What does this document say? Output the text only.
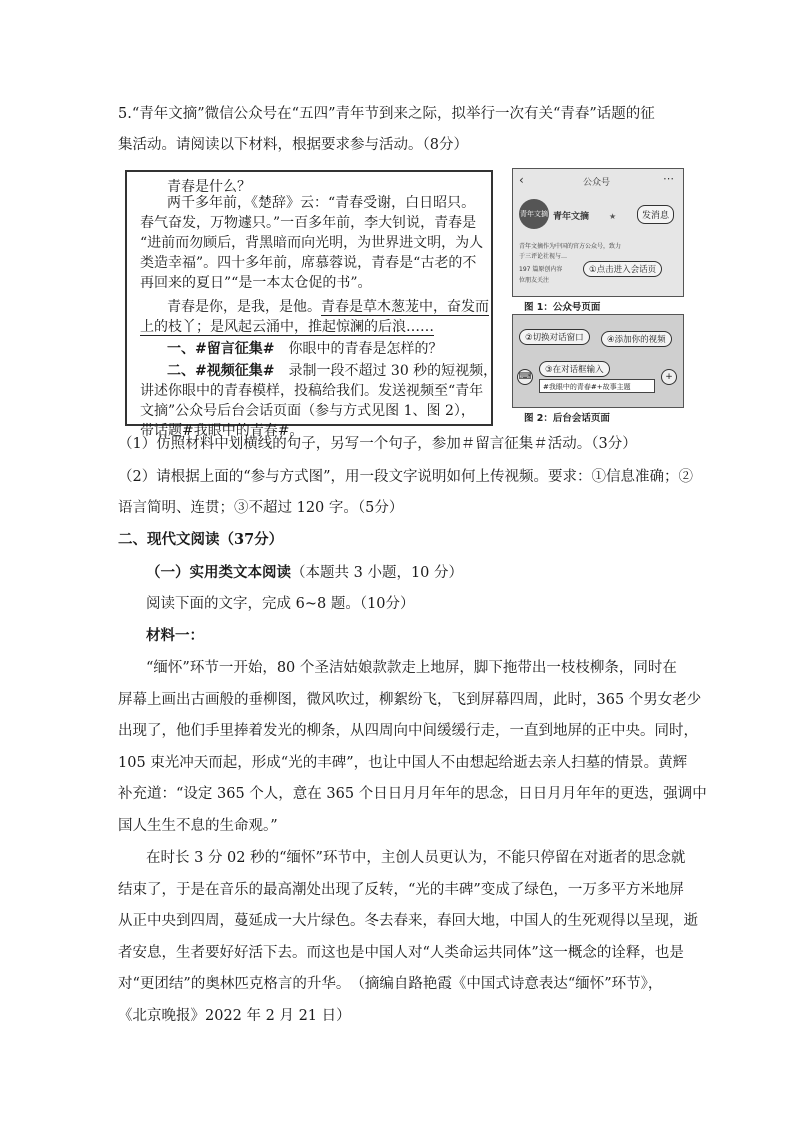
5.“青年文摘”微信公众号在“五四”青年节到来之际，拟举行一次有关“青春”话题的征
集活动。请阅读以下材料，根据要求参与活动。（8分）
青春是什么？
两千多年前，《楚辞》云：“青春受谢，白日昭只。
春气奋发，万物遽只。”一百多年前，李大钊说，青春是
“进前而勿顾后，背黑暗而向光明，为世界进文明，为人
类造幸福”。四十多年前，席慕蓉说，青春是“古老的不
再回来的夏日”“是一本太仓促的书”。
青春是你，是我，是他。青春是草木葱茏中，奋发而
上的枝丫；是风起云涌中，推起惊澜的后浪……
一、#留言征集#　 你眼中的青春是怎样的？
二、#视频征集#　 录制一段不超过 30 秒的短视频，
讲述你眼中的青春模样，投稿给我们。发送视频至“青年
文摘”公众号后台会话页面（参与方式见图 1、图 2），
带话题#我眼中的青春#。
‹	公众号	⋯
青年文摘 青年文摘 ★	发消息
青年文摘作为中国的官方公众号，致力
于三评论社视与…
197 篇原创内容
位朋友关注
①点击进入会话页
图 1：公众号页面
②切换对话窗口	④添加你的视频
⌨
③在对话框输入
#我眼中的青春#+故事主题
+
图 2：后台会话页面
（1）仿照材料中划横线的句子，另写一个句子，参加＃留言征集＃活动。（3分）
（2）请根据上面的“参与方式图”，用一段文字说明如何上传视频。要求：①信息准确；②
语言简明、连贯；③不超过 120 字。（5分）
二、现代文阅读（37分）
（一）实用类文本阅读（本题共 3 小题，10 分）
阅读下面的文字，完成 6~8 题。（10分）
材料一：
“缅怀”环节一开始，80 个圣洁姑娘款款走上地屏，脚下拖带出一枝枝柳条，同时在
屏幕上画出古画般的垂柳图，微风吹过，柳絮纷飞，飞到屏幕四周，此时，365 个男女老少
出现了，他们手里捧着发光的柳条，从四周向中间缓缓行走，一直到地屏的正中央。同时，
105 束光冲天而起，形成“光的丰碑”，也让中国人不由想起给逝去亲人扫墓的情景。黄辉
补充道：“设定 365 个人，意在 365 个日日月月年年的思念，日日月月年年的更迭，强调中
国人生生不息的生命观。”
在时长 3 分 02 秒的“缅怀”环节中，主创人员更认为，不能只停留在对逝者的思念就
结束了，于是在音乐的最高潮处出现了反转，“光的丰碑”变成了绿色，一万多平方米地屏
从正中央到四周，蔓延成一大片绿色。冬去春来，春回大地，中国人的生死观得以呈现，逝
者安息，生者要好好活下去。而这也是中国人对“人类命运共同体”这一概念的诠释，也是
对“更团结”的奥林匹克格言的升华。　（摘编自路艳霞《中国式诗意表达“缅怀”环节》，
《北京晚报》2022 年 2 月 21 日）
